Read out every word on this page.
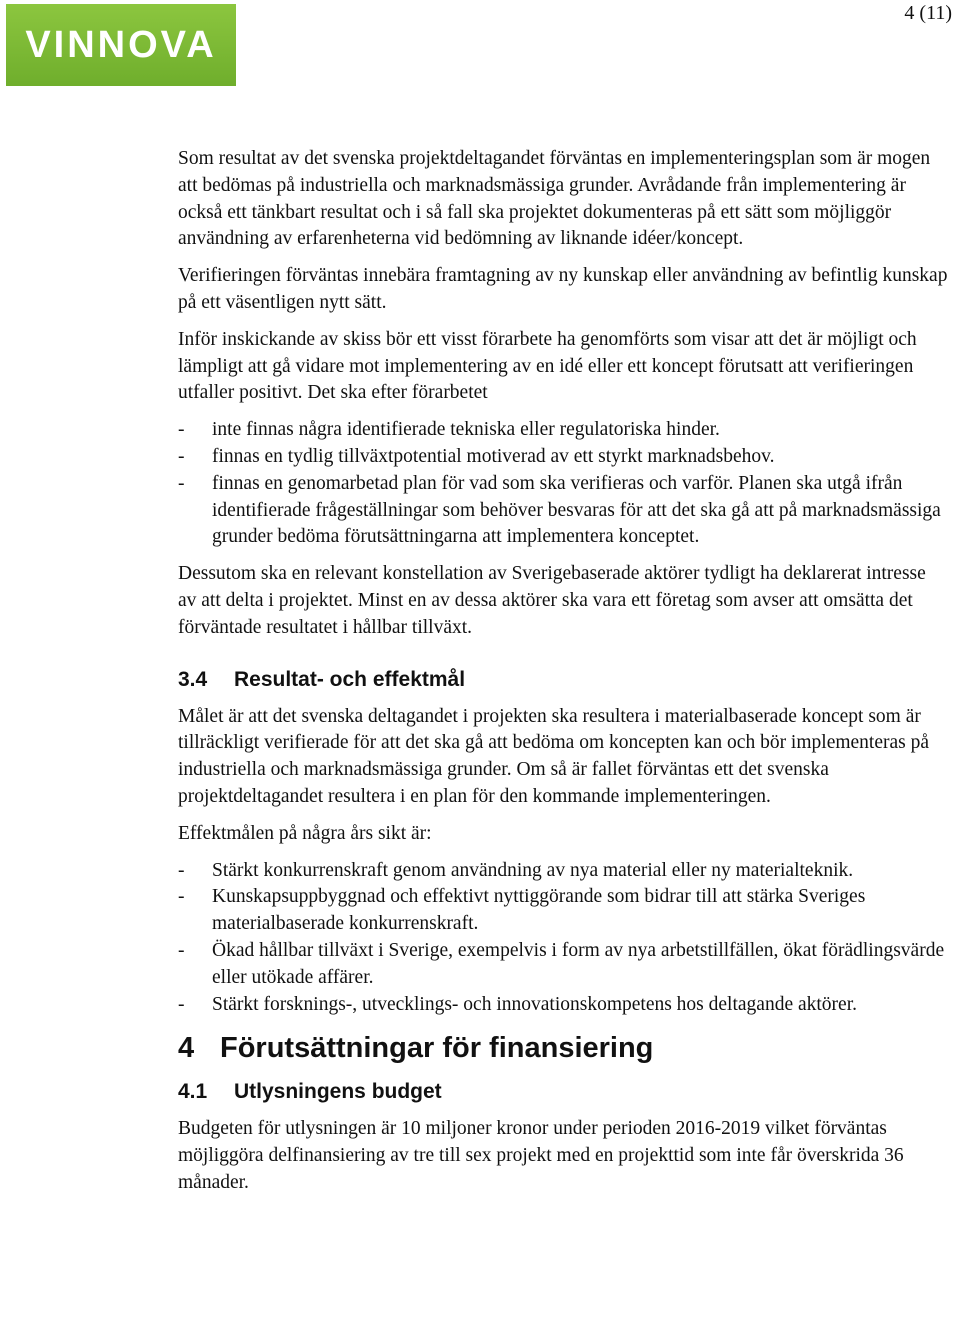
VINNOVA
4 (11)

Som resultat av det svenska projektdeltagandet förväntas en implementeringsplan som är mogen att bedömas på industriella och marknadsmässiga grunder. Avrådande från implementering är också ett tänkbart resultat och i så fall ska projektet dokumenteras på ett sätt som möjliggör användning av erfarenheterna vid bedömning av liknande idéer/koncept.

Verifieringen förväntas innebära framtagning av ny kunskap eller användning av befintlig kunskap på ett väsentligen nytt sätt.

Inför inskickande av skiss bör ett visst förarbete ha genomförts som visar att det är möjligt och lämpligt att gå vidare mot implementering av en idé eller ett koncept förutsatt att verifieringen utfaller positivt. Det ska efter förarbetet

- inte finnas några identifierade tekniska eller regulatoriska hinder.
- finnas en tydlig tillväxtpotential motiverad av ett styrkt marknadsbehov.
- finnas en genomarbetad plan för vad som ska verifieras och varför. Planen ska utgå ifrån identifierade frågeställningar som behöver besvaras för att det ska gå att på marknadsmässiga grunder bedöma förutsättningarna att implementera konceptet.

Dessutom ska en relevant konstellation av Sverigebaserade aktörer tydligt ha deklarerat intresse av att delta i projektet. Minst en av dessa aktörer ska vara ett företag som avser att omsätta det förväntade resultatet i hållbar tillväxt.

3.4 Resultat- och effektmål

Målet är att det svenska deltagandet i projekten ska resultera i materialbaserade koncept som är tillräckligt verifierade för att det ska gå att bedöma om koncepten kan och bör implementeras på industriella och marknadsmässiga grunder. Om så är fallet förväntas ett det svenska projektdeltagandet resultera i en plan för den kommande implementeringen.

Effektmålen på några års sikt är:

- Stärkt konkurrenskraft genom användning av nya material eller ny materialteknik.
- Kunskapsuppbyggnad och effektivt nyttiggörande som bidrar till att stärka Sveriges materialbaserade konkurrenskraft.
- Ökad hållbar tillväxt i Sverige, exempelvis i form av nya arbetstillfällen, ökat förädlingsvärde eller utökade affärer.
- Stärkt forsknings-, utvecklings- och innovationskompetens hos deltagande aktörer.
4 Förutsättningar för finansiering
4.1 Utlysningens budget

Budgeten för utlysningen är 10 miljoner kronor under perioden 2016-2019 vilket förväntas möjliggöra delfinansiering av tre till sex projekt med en projekttid som inte får överskrida 36 månader.
